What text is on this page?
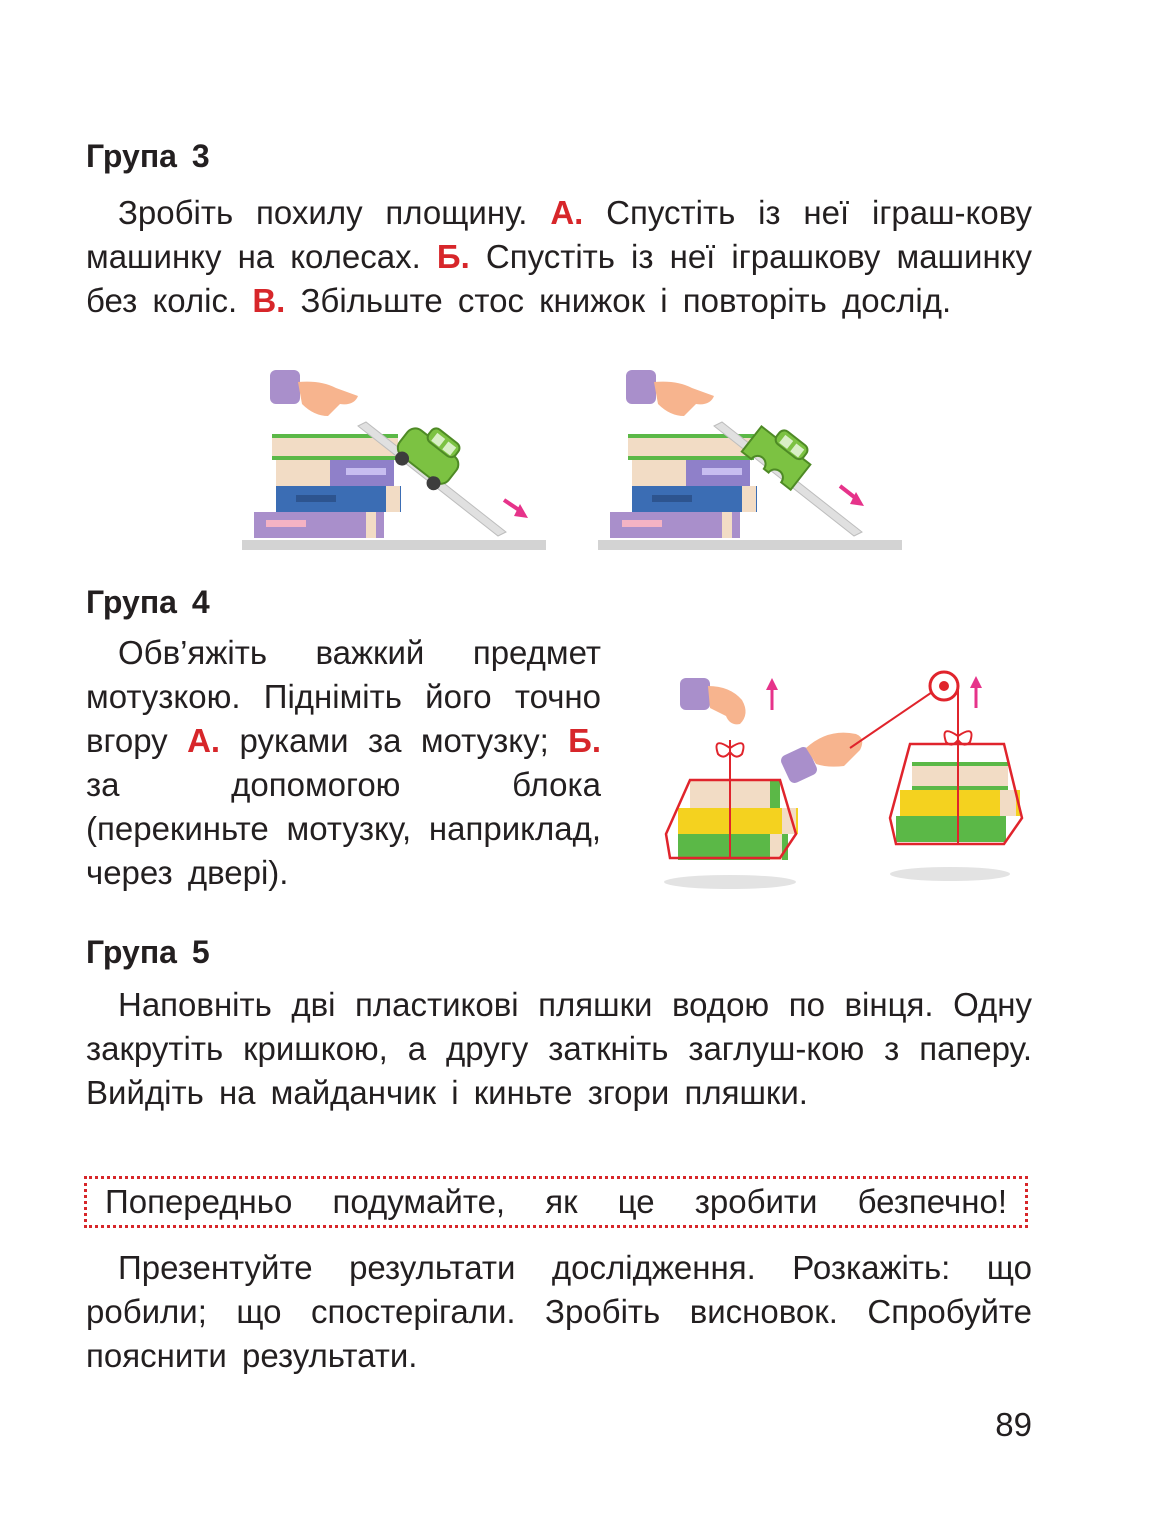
Група 3

Зробіть похилу площину. А. Спустіть із неї іграш-кову машинку на колесах. Б. Спустіть із неї іграшкову машинку без коліс. В. Збільште стос книжок і повторіть дослід.

Група 4

Обв’яжіть важкий предмет мотузкою. Підніміть його точно вгору А. руками за мотузку; Б. за допомогою блока (перекиньте мотузку, наприклад, через двері).

Група 5

Наповніть дві пластикові пляшки водою по вінця. Одну закрутіть кришкою, а другу заткніть заглуш-кою з паперу. Вийдіть на майданчик і киньте згори пляшки.

Попередньо подумайте, як це зробити безпечно!

Презентуйте результати дослідження. Розкажіть: що робили; що спостерігали. Зробіть висновок. Спробуйте пояснити результати.

89
